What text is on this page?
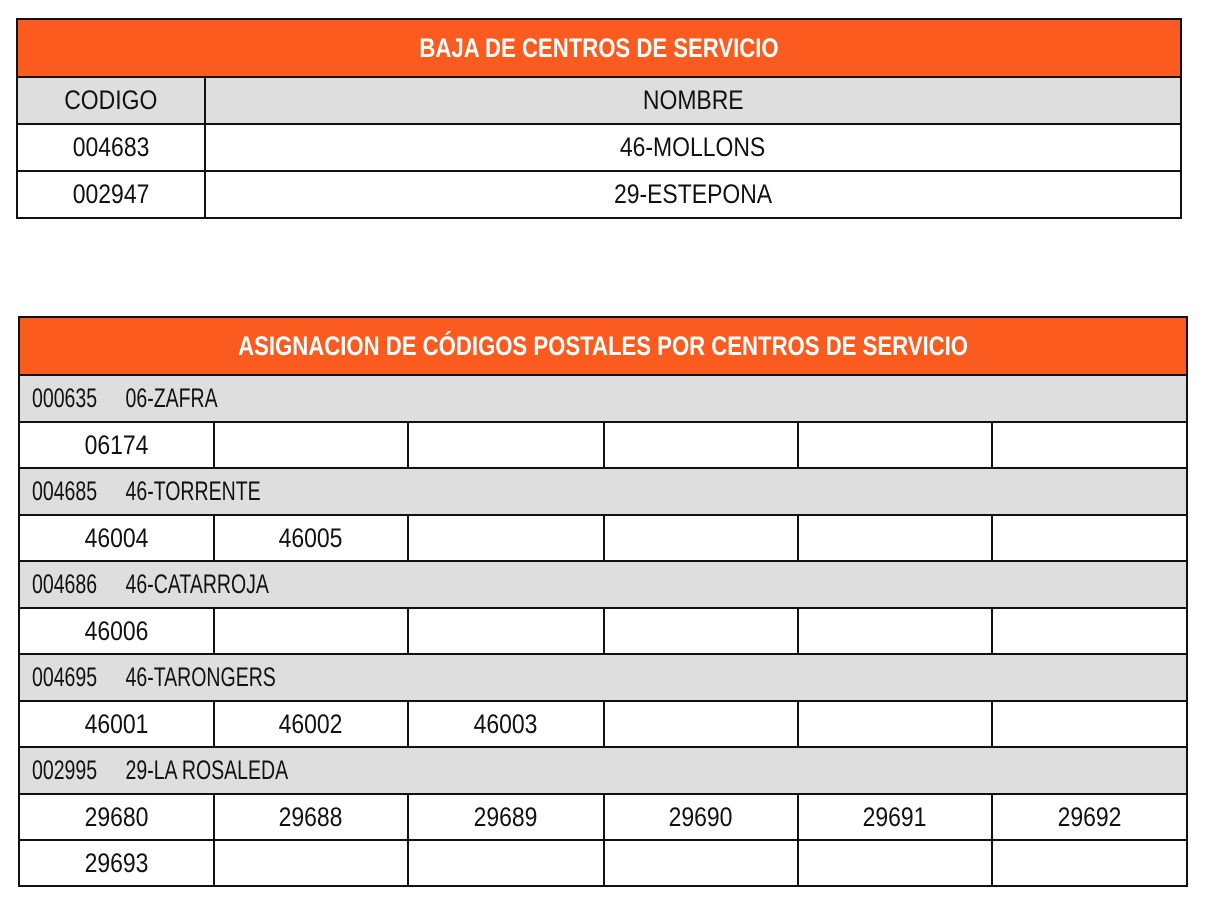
BAJA DE CENTROS DE SERVICIO	
CODIGO	NOMBRE
004683	46-MOLLONS
002947	29-ESTEPONA
ASIGNACION DE CÓDIGOS POSTALES POR CENTROS DE SERVICIO					
000635 06-ZAFRA					
06174					
004685 46-TORRENTE					
46004	46005				
004686 46-CATARROJA					
46006					
004695 46-TARONGERS					
46001	46002	46003			
002995 29-LA ROSALEDA					
29680	29688	29689	29690	29691	29692
29693					
